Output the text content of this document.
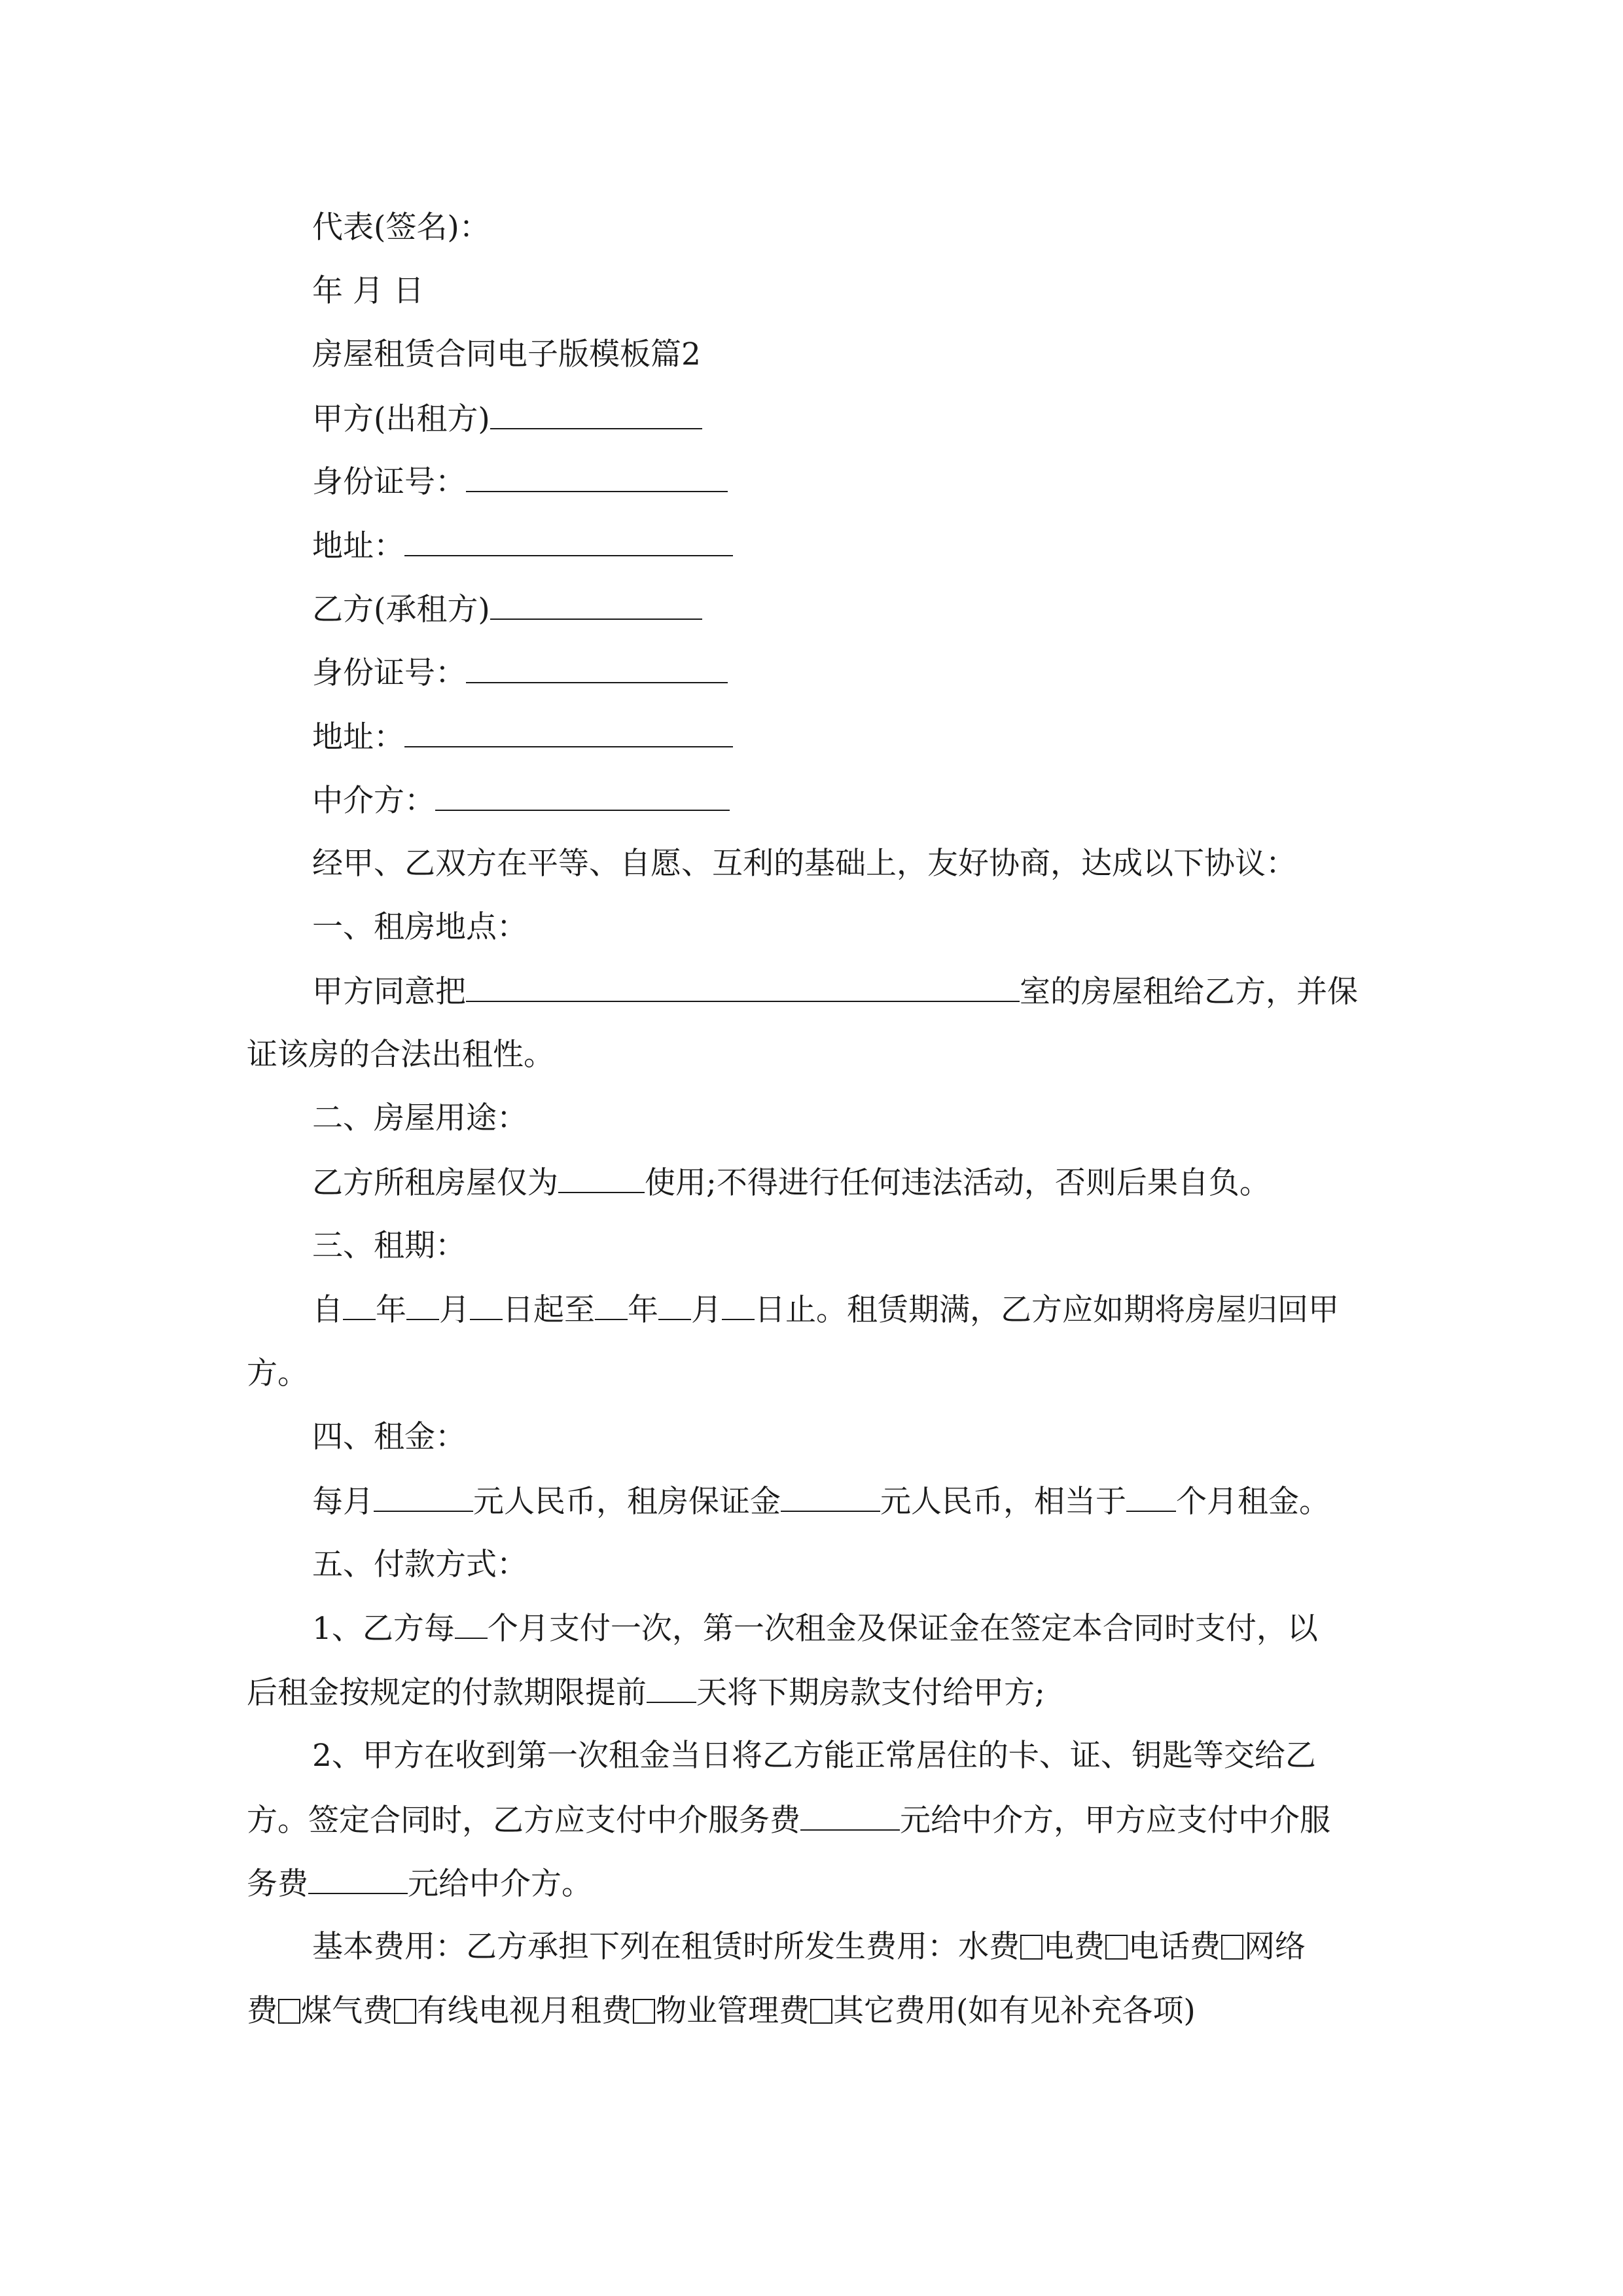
代表(签名)：
年 月 日
房屋租赁合同电子版模板篇2
甲方(出租方)
身份证号：
地址：
乙方(承租方)
身份证号：
地址：
中介方：
经甲、乙双方在平等、自愿、互利的基础上，友好协商，达成以下协议：
一、租房地点：
甲方同意把	室的房屋租给乙方，并保
证该房的合法出租性。
二、房屋用途：
乙方所租房屋仅为	使用;不得进行任何违法活动，否则后果自负。
三、租期：
自 年 月 日起至 年 月 日止。租赁期满，乙方应如期将房屋归回甲
方。
四、租金：
每月	元人民币，租房保证金	元人民币，相当于 个月租金。
五、付款方式：
1、乙方每 个月支付一次，第一次租金及保证金在签定本合同时支付，以
后租金按规定的付款期限提前 天将下期房款支付给甲方;
2、甲方在收到第一次租金当日将乙方能正常居住的卡、证、钥匙等交给乙
方。签定合同时，乙方应支付中介服务费	元给中介方，甲方应支付中介服
务费	元给中介方。
基本费用：乙方承担下列在租赁时所发生费用：水费 电费 电话费 网络
费 煤气费 有线电视月租费 物业管理费 其它费用(如有见补充各项)
